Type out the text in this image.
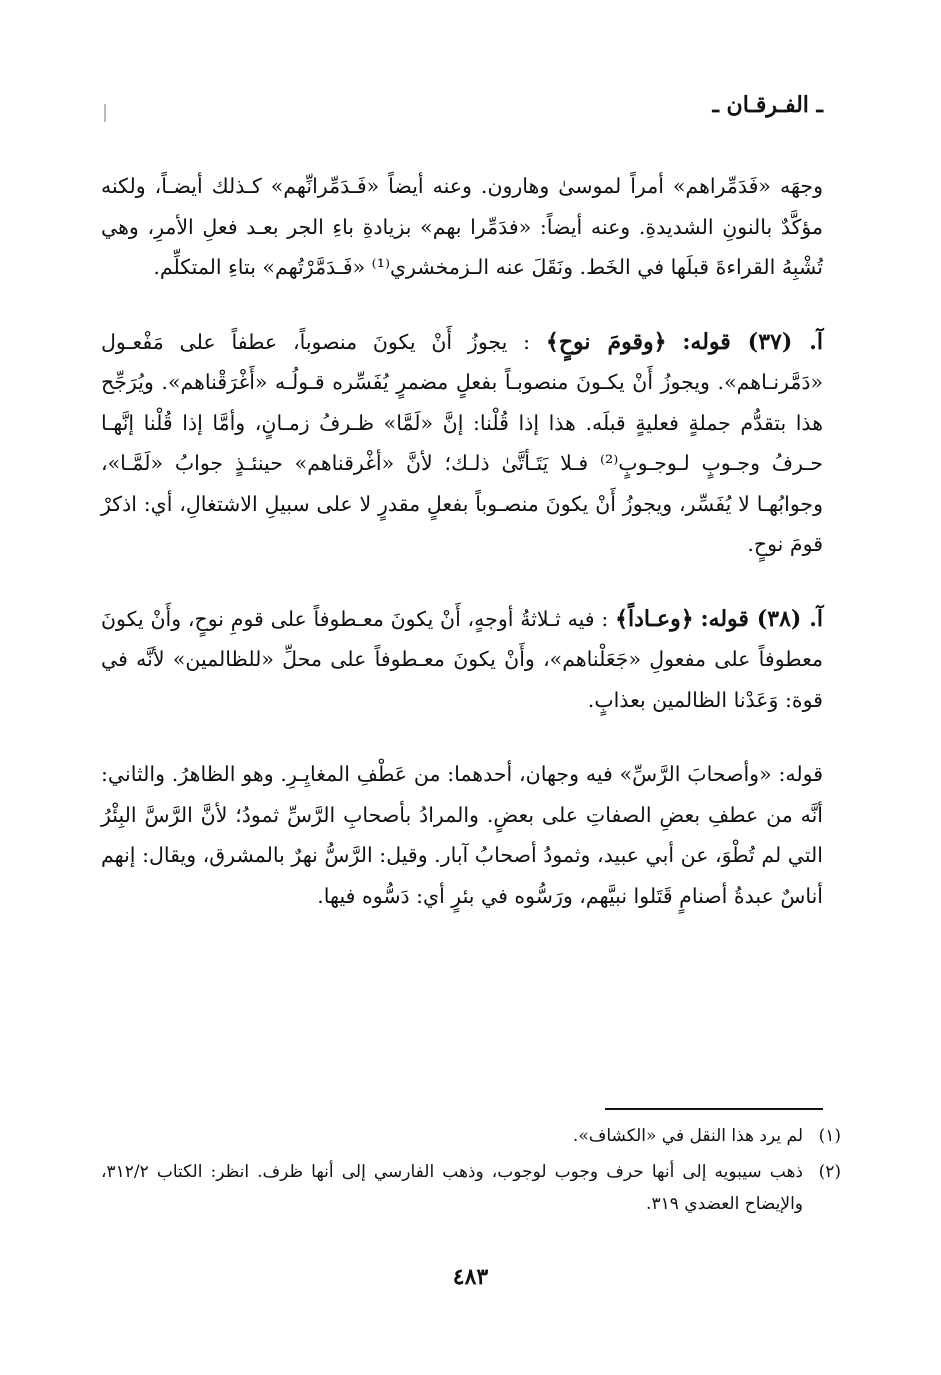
ـ الفـرقـان ـ

وجهَه «فَدَمِّراهم» أمراً لموسىٰ وهارون. وعنه أيضاً «فَـدَمِّرانِّهم» كـذلك أيضـاً، ولكنه مؤكَّدٌ بالنونِ الشديدةِ. وعنه أيضاً: «فدَمِّرا بهم» بزيادةِ باءِ الجر بعـد فعلِ الأمرِ، وهي تُشْبِهُ القراءةَ قبلَها في الخَط. ونَقَلَ عنه الـزمخشري⁽¹⁾ «فَـدَمَّرْتُهم» بتاءِ المتكلِّم.

آ. (٣٧) قوله: ﴿وقومَ نوحٍ﴾ : يجوزُ أَنْ يكونَ منصوباً، عطفاً على مَفْعـول «دَمَّرنـاهم». ويجوزُ أَنْ يكـونَ منصوبـاً بفعلٍ مضمرٍ يُفَسِّره قـولُـه «أَغْرَقْناهم». ويُرَجِّح هذا بتقدُّم جملةٍ فعليةٍ قبلَه. هذا إذا قُلْنا: إنَّ «لَمَّا» ظـرفُ زمـانٍ، وأمَّا إذا قُلْنا إنَّهـا حـرفُ وجـوبٍ لـوجـوبٍ⁽²⁾ فـلا يَتَـأتَّىٰ ذلـك؛ لأنَّ «أغْرقناهم» حينئـذٍ جوابُ «لَمَّـا»، وجوابُهـا لا يُفَسِّر، ويجوزُ أَنْ يكونَ منصـوباً بفعلٍ مقدرٍ لا على سبيلِ الاشتغالِ، أي: اذكرْ قومَ نوحٍ.

آ. (٣٨) قوله: ﴿وعـاداً﴾ : فيه ثـلاثةُ أوجهٍ، أَنْ يكونَ معـطوفاً على قومِ نوحٍ، وأَنْ يكونَ معطوفاً على مفعولِ «جَعَلْناهم»، وأَنْ يكونَ معـطوفاً على محلِّ «للظالمين» لأنَّه في قوة: وَعَدْنا الظالمين بعذابٍ.

قوله: «وأصحابَ الرَّسِّ» فيه وجهان، أحدهما: من عَطْفِ المغايِـرِ. وهو الظاهرُ. والثاني: أنَّه من عطفِ بعضِ الصفاتِ على بعضٍ. والمرادُ بأصحابِ الرَّسِّ ثمودُ؛ لأنَّ الرَّسَّ البِئْرُ التي لم تُطْوَ، عن أبي عبيد، وثمودُ أصحابُ آبار. وقيل: الرَّسُّ نهرٌ بالمشرق، ويقال: إنهم أناسٌ عبدةُ أصنامٍ قَتَلوا نبيَّهم، ورَسُّوه في بئرٍ أي: دَسُّوه فيها.

(١)
لم يرد هذا النقل في «الكشاف».
(٢)
ذهب سيبويه إلى أنها حرف وجوب لوجوب، وذهب الفارسي إلى أنها ظرف. انظر: الكتاب ٣١٢/٢، والإيضاح العضدي ٣١٩.
٤٨٣
